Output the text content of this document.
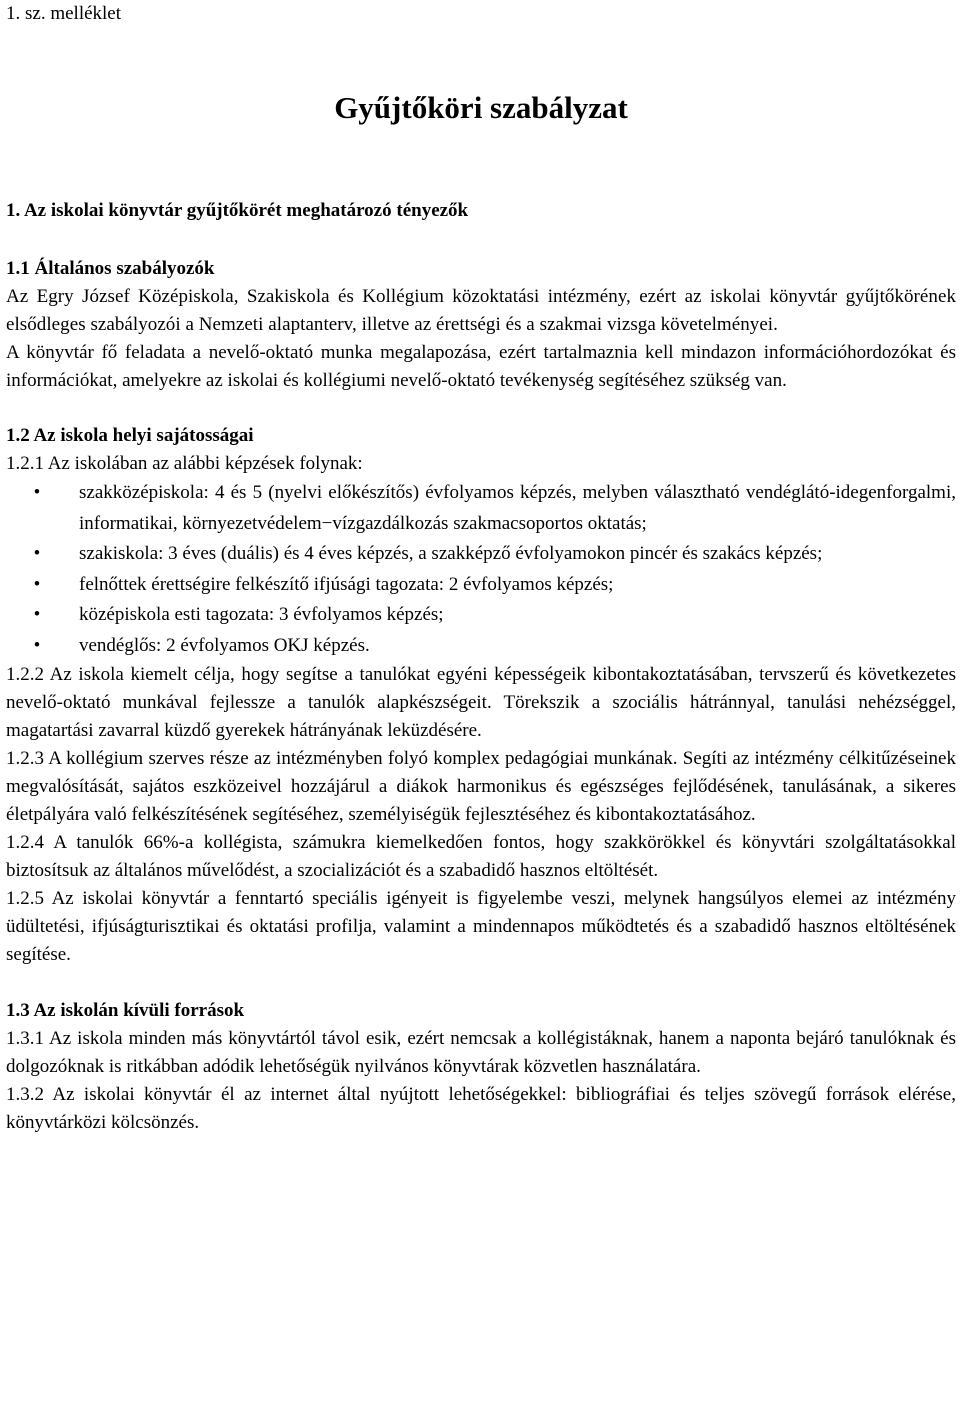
1. sz. melléklet
Gyűjtőköri szabályzat
1. Az iskolai könyvtár gyűjtőkörét meghatározó tényezők
1.1 Általános szabályozók

Az Egry József Középiskola, Szakiskola és Kollégium közoktatási intézmény, ezért az iskolai könyvtár gyűjtőkörének elsődleges szabályozói a Nemzeti alaptanterv, illetve az érettségi és a szakmai vizsga követelményei.

A könyvtár fő feladata a nevelő-oktató munka megalapozása, ezért tartalmaznia kell mindazon információhordozókat és információkat, amelyekre az iskolai és kollégiumi nevelő-oktató tevékenység segítéséhez szükség van.

1.2 Az iskola helyi sajátosságai

1.2.1 Az iskolában az alábbi képzések folynak:

• szakközépiskola: 4 és 5 (nyelvi előkészítős) évfolyamos képzés, melyben választható vendéglátó-idegenforgalmi, informatikai, környezetvédelem−vízgazdálkozás szakmacsoportos oktatás;
• szakiskola: 3 éves (duális) és 4 éves képzés, a szakképző évfolyamokon pincér és szakács képzés;
• felnőttek érettségire felkészítő ifjúsági tagozata: 2 évfolyamos képzés;
• középiskola esti tagozata: 3 évfolyamos képzés;
• vendéglős: 2 évfolyamos OKJ képzés.

1.2.2 Az iskola kiemelt célja, hogy segítse a tanulókat egyéni képességeik kibontakoztatásában, tervszerű és következetes nevelő-oktató munkával fejlessze a tanulók alapkészségeit. Törekszik a szociális hátránnyal, tanulási nehézséggel, magatartási zavarral küzdő gyerekek hátrányának leküzdésére.

1.2.3 A kollégium szerves része az intézményben folyó komplex pedagógiai munkának. Segíti az intézmény célkitűzéseinek megvalósítását, sajátos eszközeivel hozzájárul a diákok harmonikus és egészséges fejlődésének, tanulásának, a sikeres életpályára való felkészítésének segítéséhez, személyiségük fejlesztéséhez és kibontakoztatásához.

1.2.4 A tanulók 66%-a kollégista, számukra kiemelkedően fontos, hogy szakkörökkel és könyvtári szolgáltatásokkal biztosítsuk az általános művelődést, a szocializációt és a szabadidő hasznos eltöltését.

1.2.5 Az iskolai könyvtár a fenntartó speciális igényeit is figyelembe veszi, melynek hangsúlyos elemei az intézmény üdültetési, ifjúságturisztikai és oktatási profilja, valamint a mindennapos működtetés és a szabadidő hasznos eltöltésének segítése.

1.3 Az iskolán kívüli források

1.3.1 Az iskola minden más könyvtártól távol esik, ezért nemcsak a kollégistáknak, hanem a naponta bejáró tanulóknak és dolgozóknak is ritkábban adódik lehetőségük nyilvános könyvtárak közvetlen használatára.

1.3.2 Az iskolai könyvtár él az internet által nyújtott lehetőségekkel: bibliográfiai és teljes szövegű források elérése, könyvtárközi kölcsönzés.
